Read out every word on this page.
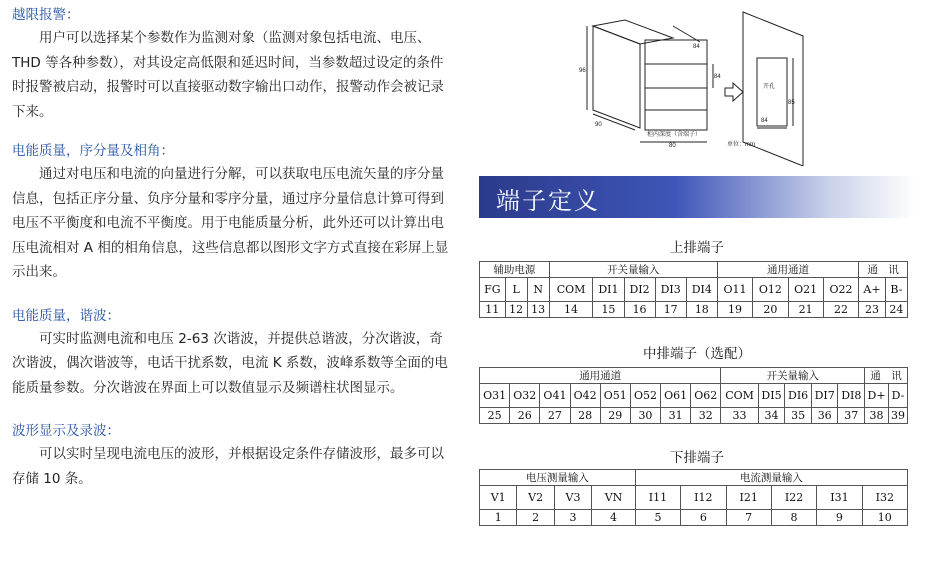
越限报警：

用户可以选择某个参数作为监测对象（监测对象包括电流、电压、THD 等各种参数），对其设定高低限和延迟时间，当参数超过设定的条件时报警被启动，报警时可以直接驱动数字输出口动作，报警动作会被记录下来。

电能质量，序分量及相角：

通过对电压和电流的向量进行分解，可以获取电压电流矢量的序分量信息，包括正序分量、负序分量和零序分量，通过序分量信息计算可得到电压不平衡度和电流不平衡度。用于电能质量分析，此外还可以计算出电压电流相对 A 相的相角信息，这些信息都以图形文字方式直接在彩屏上显示出来。

电能质量，谐波：

可实时监测电流和电压 2-63 次谐波，并提供总谐波，分次谐波，奇次谐波，偶次谐波等，电话干扰系数，电流 K 系数，波峰系数等全面的电能质量参数。分次谐波在界面上可以数值显示及频谱柱状图显示。

波形显示及录波：

可以实时呈现电流电压的波形，并根据设定条件存储波形，最多可以存储 10 条。

96
84
84
90
80
柜内深度（含端子）
单位：mm
开孔
85
84
端子定义
上排端子
辅助电源			开关量输入					通用通道				通　讯	
FG	L	N	COM	DI1	DI2	DI3	DI4	O11	O12	O21	O22	A+	B-
11	12	13	14	15	16	17	18	19	20	21	22	23	24
中排端子（选配）
通用通道								开关量输入					通　讯	
O31	O32	O41	O42	O51	O52	O61	O62	COM	DI5	DI6	DI7	DI8	D+	D-
25	26	27	28	29	30	31	32	33	34	35	36	37	38	39
下排端子
电压测量输入				电流测量输入					
V1	V2	V3	VN	I11	I12	I21	I22	I31	I32
1	2	3	4	5	6	7	8	9	10
